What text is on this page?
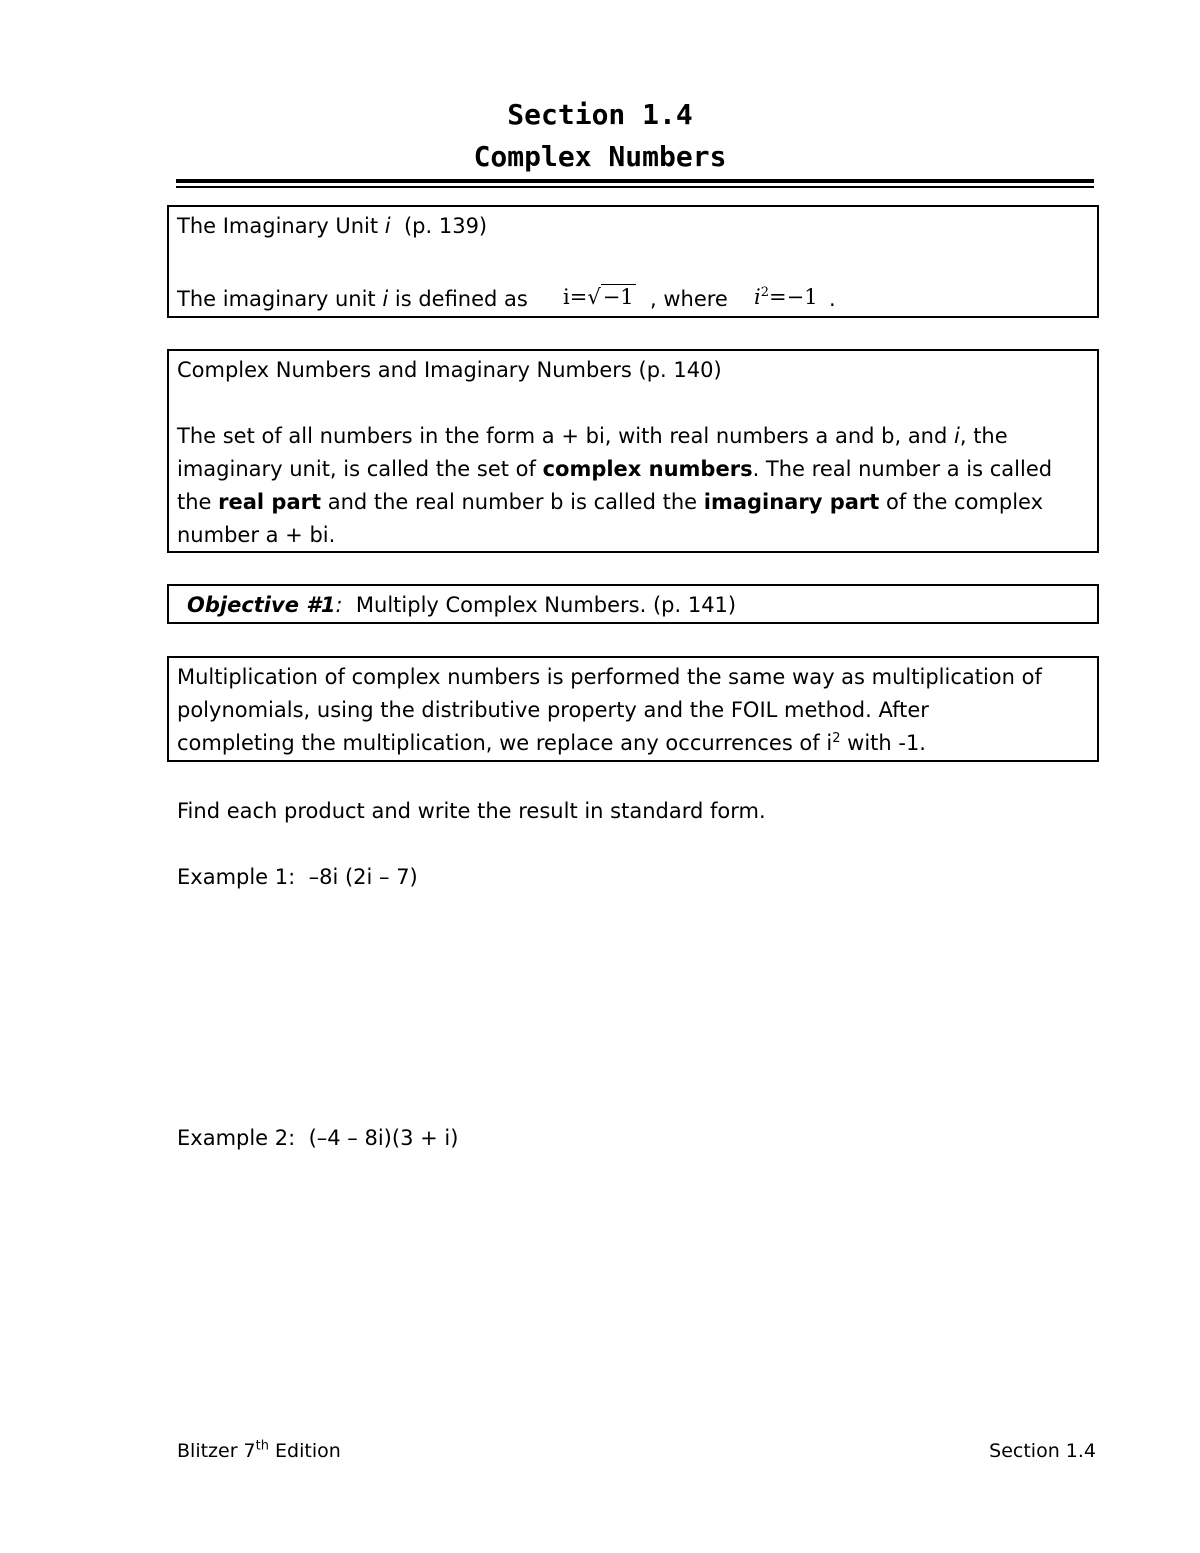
Section 1.4
Complex Numbers
The Imaginary Unit i (p. 139)
The imaginary unit i is defined as i=√−1 , where $i^2=-1$ .
Complex Numbers and Imaginary Numbers (p. 140)
The set of all numbers in the form a + bi, with real numbers a and b, and i, the
imaginary unit, is called the set of complex numbers. The real number a is called
the real part and the real number b is called the imaginary part of the complex
number a + bi.
Objective #1: Multiply Complex Numbers. (p. 141)
Multiplication of complex numbers is performed the same way as multiplication of
polynomials, using the distributive property and the FOIL method. After
completing the multiplication, we replace any occurrences of $i^2$ with -1.
Find each product and write the result in standard form.
Example 1: –8i (2i – 7)
Example 2: (–4 – 8i)(3 + i)
Blitzer 7th Edition	Section 1.4
